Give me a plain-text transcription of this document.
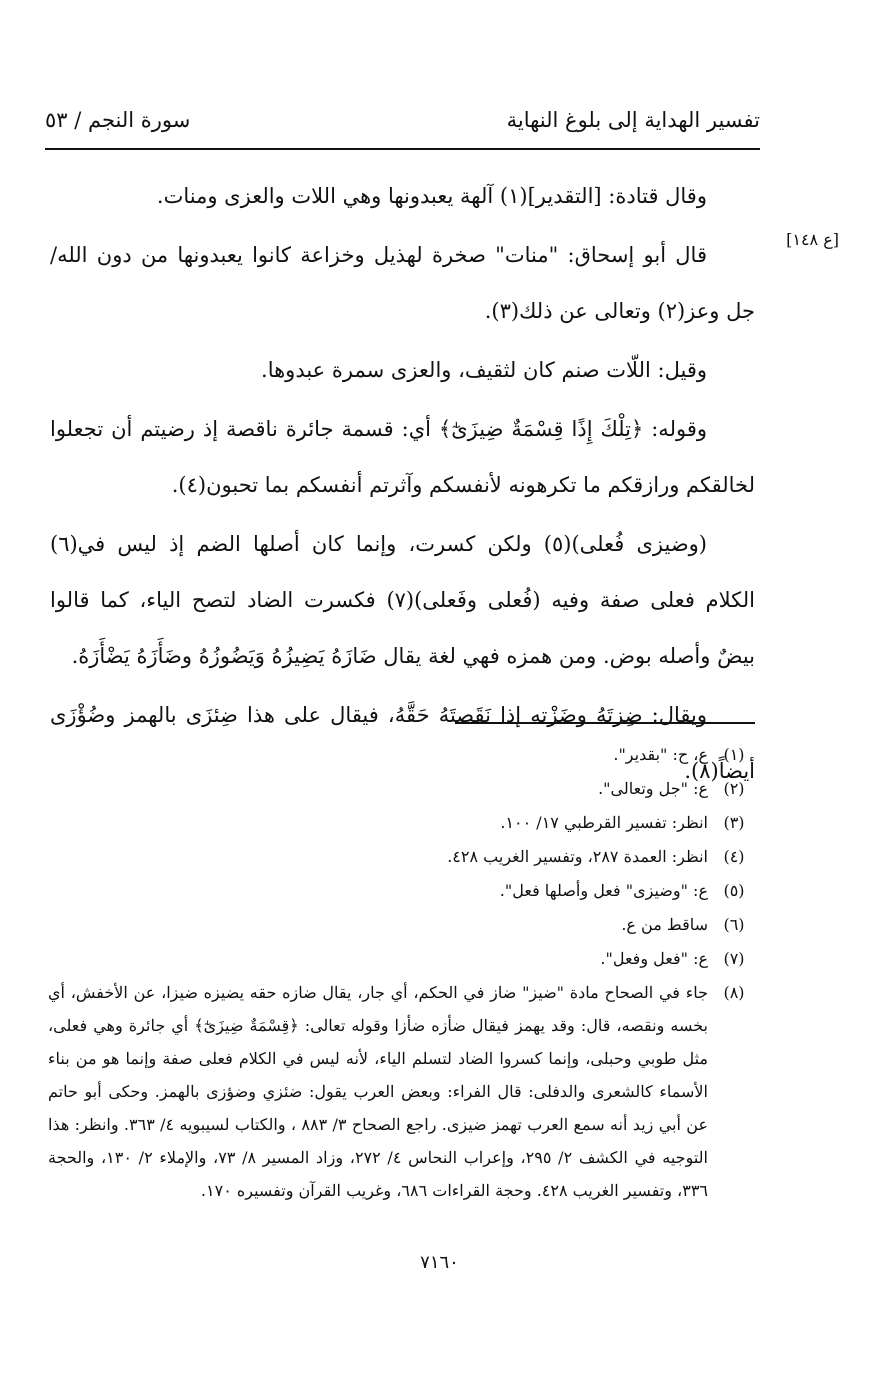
تفسير الهداية إلى بلوغ النهاية
سورة النجم / ٥٣
[ع ١٤٨]

وقال قتادة: [التقدير](١) آلهة يعبدونها وهي اللات والعزى ومنات.

قال أبو إسحاق: "منات" صخرة لهذيل وخزاعة كانوا يعبدونها من دون الله/ جل وعز(٢) وتعالى عن ذلك(٣).

وقيل: اللّات صنم كان لثقيف، والعزى سمرة عبدوها.

وقوله: ﴿تِلْكَ إِذًا قِسْمَةٌ ضِيزَىٰٓ﴾ أي: قسمة جائرة ناقصة إذ رضيتم أن تجعلوا لخالقكم ورازقكم ما تكرهونه لأنفسكم وآثرتم أنفسكم بما تحبون(٤).

(وضيزى فُعلى)(٥) ولكن كسرت، وإنما كان أصلها الضم إذ ليس في(٦) الكلام فعلى صفة وفيه (فُعلى وفَعلى)(٧) فكسرت الضاد لتصح الياء، كما قالوا بيضٌ وأصله بوض. ومن همزه فهي لغة يقال ضَازَهُ يَضِيزُهُ وَيَضُوزُهُ وضَأَزَهُ يَضْأَزَهُ.

ويقال: ضِزتَهُ وضَزْته إذا نَقَصتَهُ حَقَّهُ، فيقال على هذا ضِئزَى بالهمز وضُؤْزَى أيضاً(٨).

(١)
ع، ح: "بقدير".
(٢)
ع: "جل وتعالى".
(٣)
انظر: تفسير القرطبي ١٧/ ١٠٠.
(٤)
انظر: العمدة ٢٨٧، وتفسير الغريب ٤٢٨.
(٥)
ع: "وضيزى" فعل وأصلها فعل".
(٦)
ساقط من ع.
(٧)
ع: "فعل وفعل".
(٨)
جاء في الصحاح مادة "ضيز" ضاز في الحكم، أي جار، يقال ضازه حقه يضيزه ضيزا، عن الأخفش، أي بخسه ونقصه، قال: وقد يهمز فيقال ضأزه ضأزا وقوله تعالى: ﴿قِسْمَةٌ ضِيزَىٰٓ﴾ أي جائرة وهي فعلى، مثل طوبي وحبلى، وإنما كسروا الضاد لتسلم الياء، لأنه ليس في الكلام فعلى صفة وإنما هو من بناء الأسماء كالشعرى والدفلى: قال الفراء: وبعض العرب يقول: ضئزي وضؤزى بالهمز. وحكى أبو حاتم عن أبي زيد أنه سمع العرب تهمز ضيزى. راجع الصحاح ٣/ ٨٨٣ ، والكتاب لسيبويه ٤/ ٣٦٣. وانظر: هذا التوجيه في الكشف ٢/ ٢٩٥، وإعراب النحاس ٤/ ٢٧٢، وزاد المسير ٨/ ٧٣، والإملاء ٢/ ١٣٠، والحجة ٣٣٦، وتفسير الغريب ٤٢٨. وحجة القراءات ٦٨٦، وغريب القرآن وتفسيره ١٧٠.
٧١٦٠
